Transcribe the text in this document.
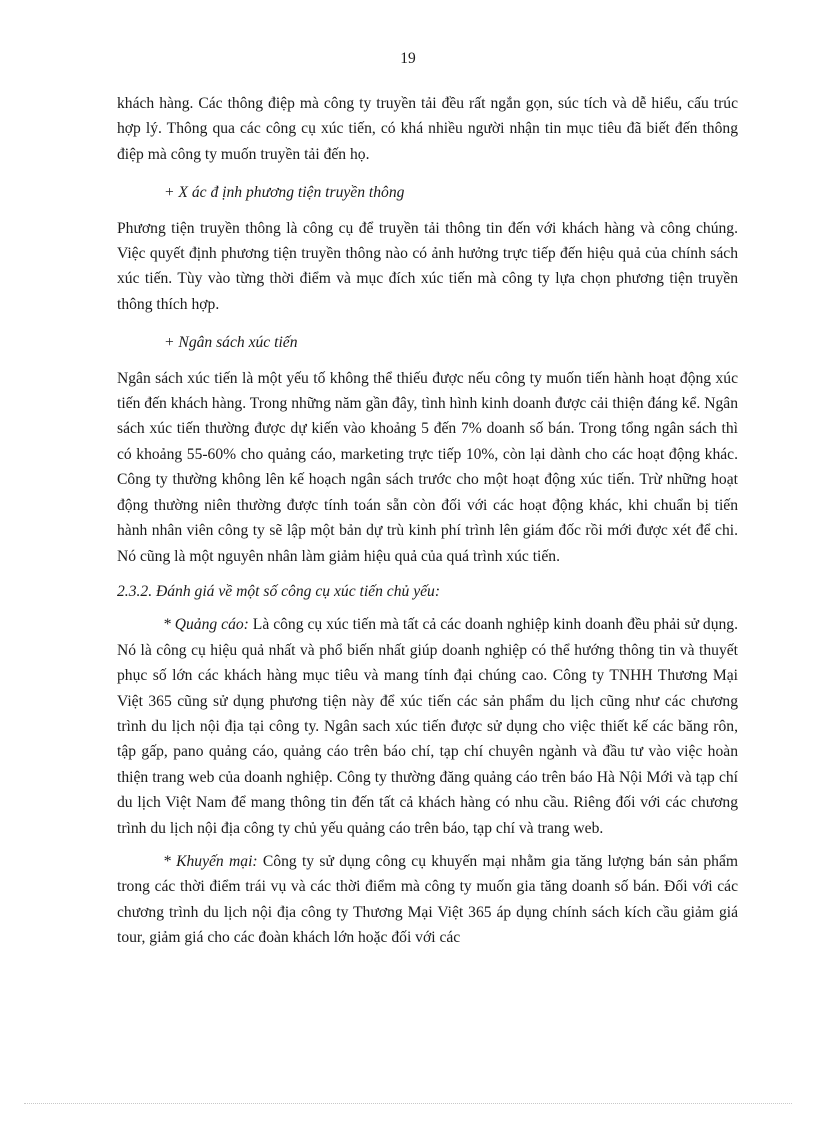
19

khách hàng. Các thông điệp mà công ty truyền tải đều rất ngắn gọn, súc tích và dễ hiểu, cấu trúc hợp lý. Thông qua các công cụ xúc tiến, có khá nhiều người nhận tin mục tiêu đã biết đến thông điệp mà công ty muốn truyền tải đến họ.

+ X ác đ ịnh phương tiện truyền thông

Phương tiện truyền thông là công cụ để truyền tải thông tin đến với khách hàng và công chúng. Việc quyết định phương tiện truyền thông nào có ảnh hưởng trực tiếp đến hiệu quả của chính sách xúc tiến. Tùy vào từng thời điểm và mục đích xúc tiến mà công ty lựa chọn phương tiện truyền thông thích hợp.

+ Ngân sách xúc tiến

Ngân sách xúc tiến là một yếu tố không thể thiếu được nếu công ty muốn tiến hành hoạt động xúc tiến đến khách hàng. Trong những năm gần đây, tình hình kinh doanh được cải thiện đáng kể. Ngân sách xúc tiến thường được dự kiến vào khoảng 5 đến 7% doanh số bán. Trong tổng ngân sách thì có khoảng 55-60% cho quảng cáo, marketing trực tiếp 10%, còn lại dành cho các hoạt động khác. Công ty thường không lên kế hoạch ngân sách trước cho một hoạt động xúc tiến. Trừ những hoạt động thường niên thường được tính toán sẵn còn đối với các hoạt động khác, khi chuẩn bị tiến hành nhân viên công ty sẽ lập một bản dự trù kinh phí trình lên giám đốc rồi mới được xét để chi. Nó cũng là một nguyên nhân làm giảm hiệu quả của quá trình xúc tiến.

2.3.2. Đánh giá về một số công cụ xúc tiến chủ yếu:

* Quảng cáo: Là công cụ xúc tiến mà tất cả các doanh nghiệp kinh doanh đều phải sử dụng. Nó là công cụ hiệu quả nhất và phổ biến nhất giúp doanh nghiệp có thể hướng thông tin và thuyết phục số lớn các khách hàng mục tiêu và mang tính đại chúng cao. Công ty TNHH Thương Mại Việt 365 cũng sử dụng phương tiện này để xúc tiến các sản phẩm du lịch cũng như các chương trình du lịch nội địa tại công ty. Ngân sach xúc tiến được sử dụng cho việc thiết kế các băng rôn, tập gấp, pano quảng cáo, quảng cáo trên báo chí, tạp chí chuyên ngành và đầu tư vào việc hoàn thiện trang web của doanh nghiệp. Công ty thường đăng quảng cáo trên báo Hà Nội Mới và tạp chí du lịch Việt Nam để mang thông tin đến tất cả khách hàng có nhu cầu. Riêng đối với các chương trình du lịch nội địa công ty chủ yếu quảng cáo trên báo, tạp chí và trang web.

* Khuyến mại: Công ty sử dụng công cụ khuyến mại nhằm gia tăng lượng bán sản phẩm trong các thời điểm trái vụ và các thời điểm mà công ty muốn gia tăng doanh số bán. Đối với các chương trình du lịch nội địa công ty Thương Mại Việt 365 áp dụng chính sách kích cầu giảm giá tour, giảm giá cho các đoàn khách lớn hoặc đối với các
